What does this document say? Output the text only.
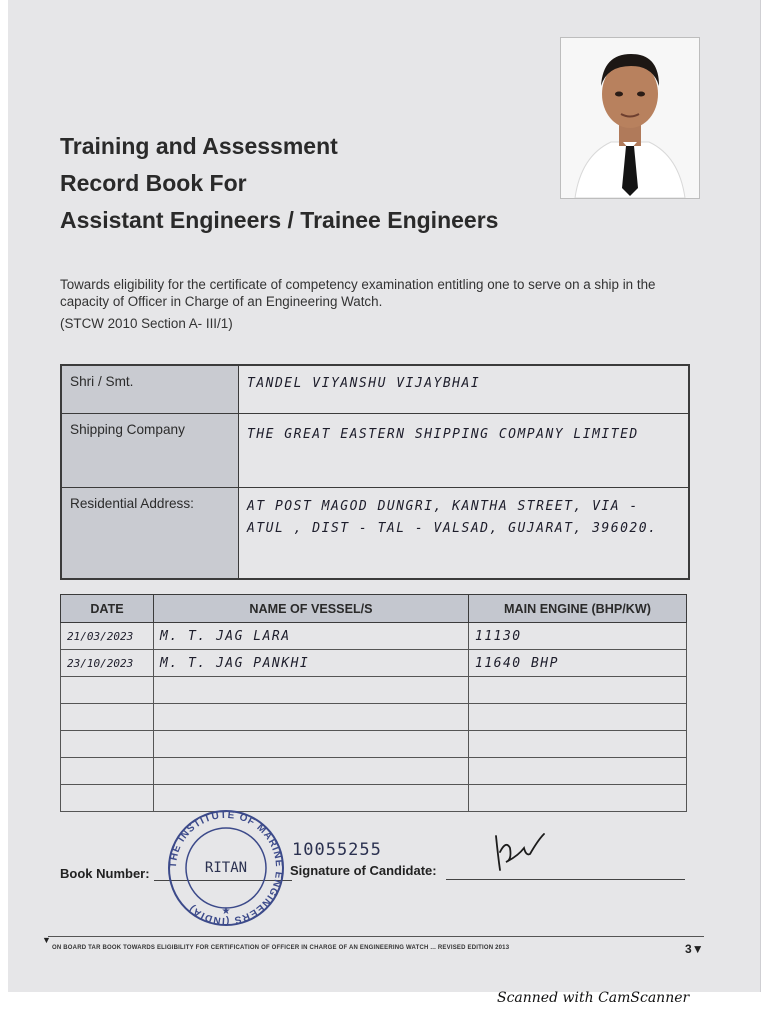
Training and Assessment
Record Book For
Assistant Engineers / Trainee Engineers

Towards eligibility for the certificate of competency examination entitling one to serve on a ship in the capacity of Officer in Charge of an Engineering Watch.

(STCW 2010 Section A- III/1)

Shri / Smt.	TANDEL VIYANSHU VIJAYBHAI
Shipping Company	THE GREAT EASTERN SHIPPING COMPANY LIMITED
Residential Address:	AT POST MAGOD DUNGRI, KANTHA STREET, VIA - ATUL , DIST - TAL - VALSAD, GUJARAT, 396020.
DATE	NAME OF VESSEL/S	MAIN ENGINE (BHP/KW)
21/03/2023	M. T. JAG LARA	11130
23/10/2023	M. T. JAG PANKHI	11640 BHP

Book Number:
10055255
THE INSTITUTE OF MARINE ENGINEERS (INDIA)
RITAN
★
Signature of Candidate:
▼
ON BOARD TAR BOOK TOWARDS ELIGIBILITY FOR CERTIFICATION OF OFFICER IN CHARGE OF AN ENGINEERING WATCH ... REVISED EDITION 2013	3▼
Scanned with CamScanner
